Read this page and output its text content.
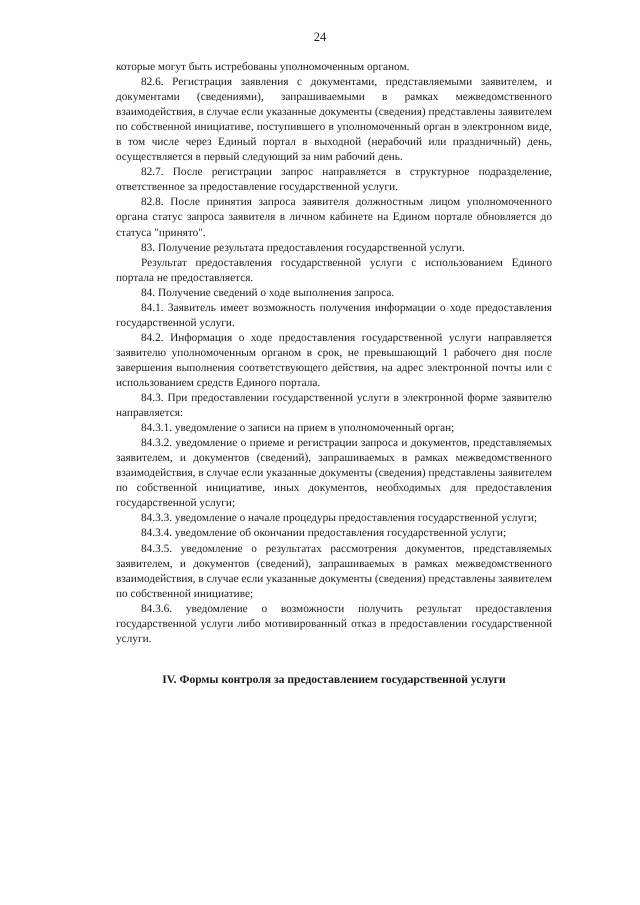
24

которые могут быть истребованы уполномоченным органом.

82.6. Регистрация заявления с документами, представляемыми заявителем, и документами (сведениями), запрашиваемыми в рамках межведомственного взаимодействия, в случае если указанные документы (сведения) представлены заявителем по собственной инициативе, поступившего в уполномоченный орган в электронном виде, в том числе через Единый портал в выходной (нерабочий или праздничный) день, осуществляется в первый следующий за ним рабочий день.

82.7. После регистрации запрос направляется в структурное подразделение, ответственное за предоставление государственной услуги.

82.8. После принятия запроса заявителя должностным лицом уполномоченного органа статус запроса заявителя в личном кабинете на Едином портале обновляется до статуса "принято".

83. Получение результата предоставления государственной услуги.

Результат предоставления государственной услуги с использованием Единого портала не предоставляется.

84. Получение сведений о ходе выполнения запроса.

84.1. Заявитель имеет возможность получения информации о ходе предоставления государственной услуги.

84.2. Информация о ходе предоставления государственной услуги направляется заявителю уполномоченным органом в срок, не превышающий 1 рабочего дня после завершения выполнения соответствующего действия, на адрес электронной почты или с использованием средств Единого портала.

84.3. При предоставлении государственной услуги в электронной форме заявителю направляется:

84.3.1. уведомление о записи на прием в уполномоченный орган;

84.3.2. уведомление о приеме и регистрации запроса и документов, представляемых заявителем, и документов (сведений), запрашиваемых в рамках межведомственного взаимодействия, в случае если указанные документы (сведения) представлены заявителем по собственной инициативе, иных документов, необходимых для предоставления государственной услуги;

84.3.3. уведомление о начале процедуры предоставления государственной услуги;

84.3.4. уведомление об окончании предоставления государственной услуги;

84.3.5. уведомление о результатах рассмотрения документов, представляемых заявителем, и документов (сведений), запрашиваемых в рамках межведомственного взаимодействия, в случае если указанные документы (сведения) представлены заявителем по собственной инициативе;

84.3.6. уведомление о возможности получить результат предоставления государственной услуги либо мотивированный отказ в предоставлении государственной услуги.

IV. Формы контроля за предоставлением государственной услуги
